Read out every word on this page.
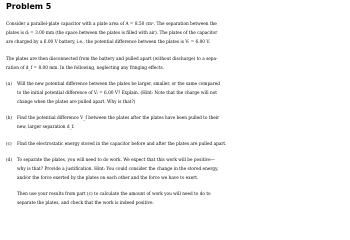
Problem 5
Consider a parallel-plate capacitor with a plate area of A = 8.50 cm². The separation between the
plates is dᵢ = 3.00 mm (the space between the plates is filled with air). The plates of the capacitor
are charged by a 6.00 V battery, i.e., the potential difference between the plates is Vᵢ = 6.00 V.
The plates are then disconnected from the battery and pulled apart (without discharge) to a sepa-
ration of d_f = 8.00 mm. In the following, neglecting any fringing effects.
(a) Will the new potential difference between the plates be larger, smaller, or the same compared
to the initial potential difference of Vᵢ = 6.00 V? Explain. (Hint: Note that the charge will not
change when the plates are pulled apart. Why is that?)
(b) Find the potential difference V_f between the plates after the plates have been pulled to their
new, larger separation d_f.
(c) Find the electrostatic energy stored in the capacitor before and after the plates are pulled apart.
(d) To separate the plates, you will need to do work. We expect that this work will be positive—
why is that? Provide a justification. Hint: You could consider the change in the stored energy,
and/or the force exerted by the plates on each other and the force we have to exert.
Then use your results from part (c) to calculate the amount of work you will need to do to
separate the plates, and check that the work is indeed positive.
